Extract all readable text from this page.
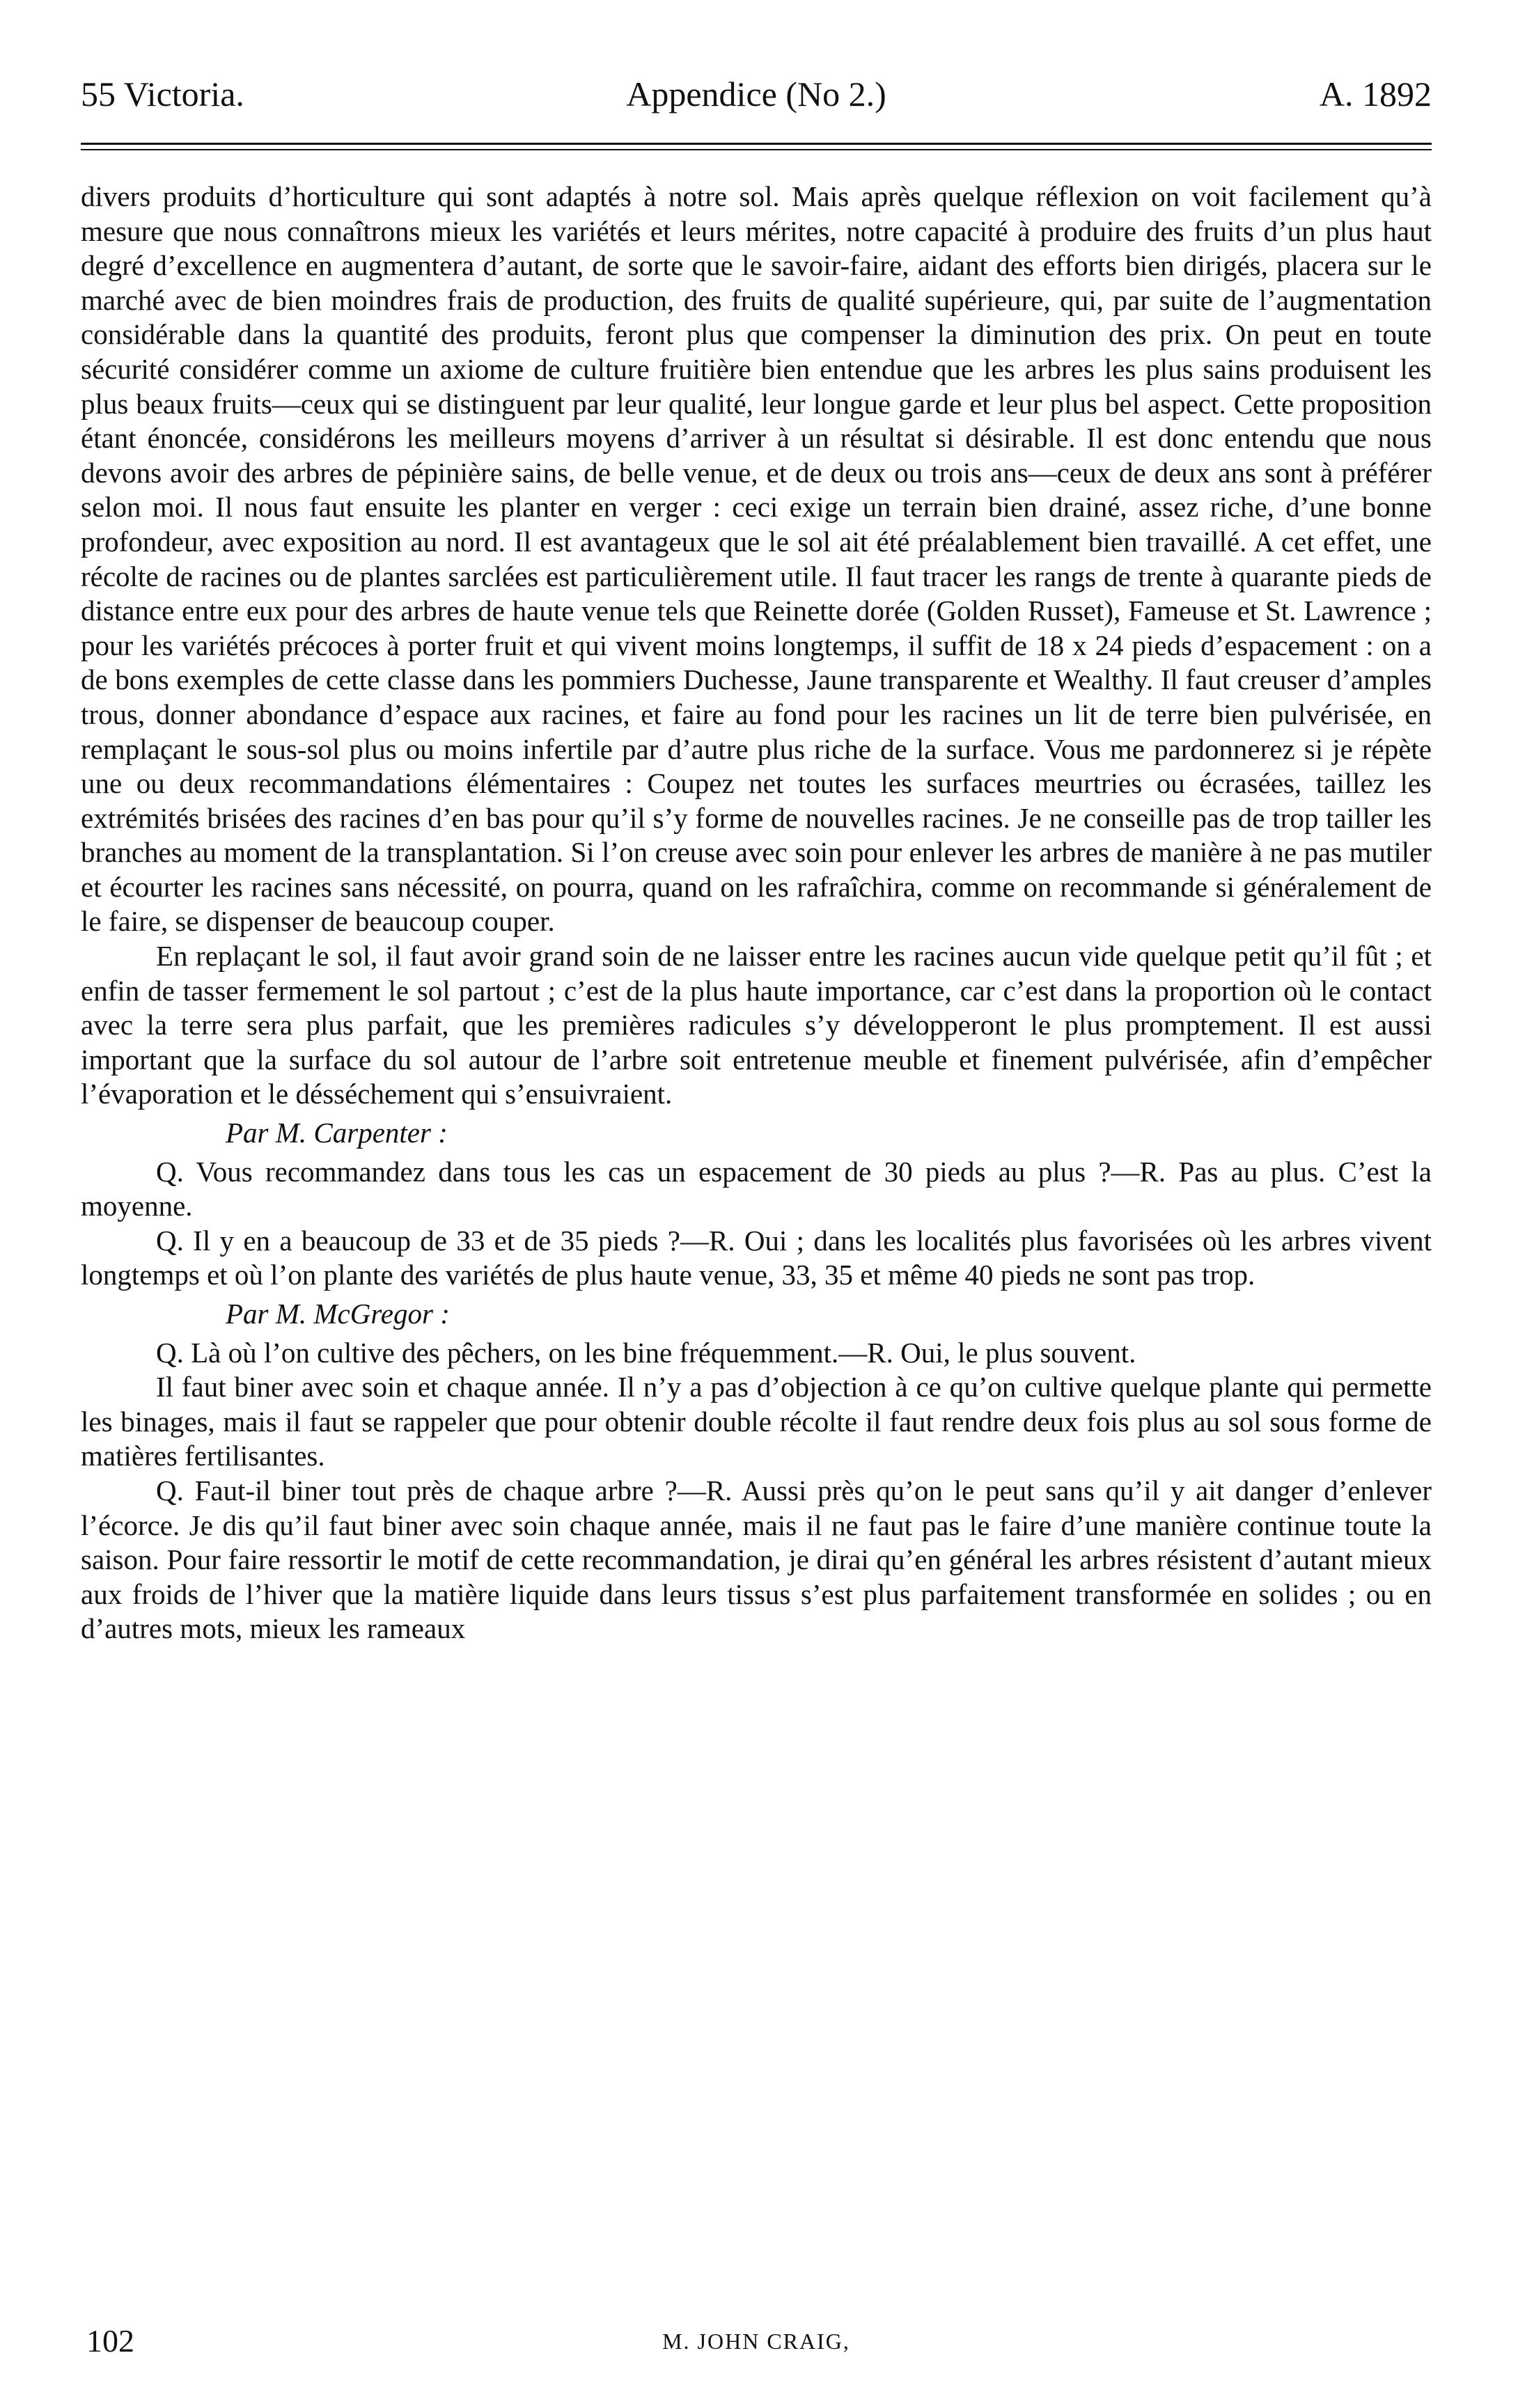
55 Victoria.	Appendice (No 2.)	A. 1892

divers produits d’horticulture qui sont adaptés à notre sol. Mais après quelque réflexion on voit facilement qu’à mesure que nous connaîtrons mieux les variétés et leurs mérites, notre capacité à produire des fruits d’un plus haut degré d’excellence en augmentera d’autant, de sorte que le savoir-faire, aidant des efforts bien dirigés, placera sur le marché avec de bien moindres frais de production, des fruits de qualité supérieure, qui, par suite de l’augmentation considérable dans la quantité des produits, feront plus que compenser la diminution des prix. On peut en toute sécurité considérer comme un axiome de culture fruitière bien entendue que les arbres les plus sains produisent les plus beaux fruits—ceux qui se distinguent par leur qualité, leur longue garde et leur plus bel aspect. Cette proposition étant énoncée, considérons les meilleurs moyens d’arriver à un résultat si désirable. Il est donc entendu que nous devons avoir des arbres de pépinière sains, de belle venue, et de deux ou trois ans—ceux de deux ans sont à préférer selon moi. Il nous faut ensuite les planter en verger : ceci exige un terrain bien drainé, assez riche, d’une bonne profondeur, avec exposition au nord. Il est avantageux que le sol ait été préalablement bien travaillé. A cet effet, une récolte de racines ou de plantes sarclées est particulièrement utile. Il faut tracer les rangs de trente à quarante pieds de distance entre eux pour des arbres de haute venue tels que Reinette dorée (Golden Russet), Fameuse et St. Lawrence ; pour les variétés précoces à porter fruit et qui vivent moins longtemps, il suffit de 18 x 24 pieds d’espacement : on a de bons exemples de cette classe dans les pommiers Duchesse, Jaune transparente et Wealthy. Il faut creuser d’amples trous, donner abondance d’espace aux racines, et faire au fond pour les racines un lit de terre bien pulvérisée, en remplaçant le sous-sol plus ou moins infertile par d’autre plus riche de la surface. Vous me pardonnerez si je répète une ou deux recommandations élémentaires : Coupez net toutes les surfaces meurtries ou écrasées, taillez les extrémités brisées des racines d’en bas pour qu’il s’y forme de nouvelles racines. Je ne conseille pas de trop tailler les branches au moment de la transplantation. Si l’on creuse avec soin pour enlever les arbres de manière à ne pas mutiler et écourter les racines sans nécessité, on pourra, quand on les rafraîchira, comme on recommande si généralement de le faire, se dispenser de beaucoup couper.

En replaçant le sol, il faut avoir grand soin de ne laisser entre les racines aucun vide quelque petit qu’il fût ; et enfin de tasser fermement le sol partout ; c’est de la plus haute importance, car c’est dans la proportion où le contact avec la terre sera plus parfait, que les premières radicules s’y développeront le plus promptement. Il est aussi important que la surface du sol autour de l’arbre soit entretenue meuble et finement pulvérisée, afin d’empêcher l’évaporation et le désséchement qui s’ensuivraient.

Par M. Carpenter :

Q. Vous recommandez dans tous les cas un espacement de 30 pieds au plus ?—R. Pas au plus. C’est la moyenne.

Q. Il y en a beaucoup de 33 et de 35 pieds ?—R. Oui ; dans les localités plus favorisées où les arbres vivent longtemps et où l’on plante des variétés de plus haute venue, 33, 35 et même 40 pieds ne sont pas trop.

Par M. McGregor :

Q. Là où l’on cultive des pêchers, on les bine fréquemment.—R. Oui, le plus souvent.

Il faut biner avec soin et chaque année. Il n’y a pas d’objection à ce qu’on cultive quelque plante qui permette les binages, mais il faut se rappeler que pour obtenir double récolte il faut rendre deux fois plus au sol sous forme de matières fertilisantes.

Q. Faut-il biner tout près de chaque arbre ?—R. Aussi près qu’on le peut sans qu’il y ait danger d’enlever l’écorce. Je dis qu’il faut biner avec soin chaque année, mais il ne faut pas le faire d’une manière continue toute la saison. Pour faire ressortir le motif de cette recommandation, je dirai qu’en général les arbres résistent d’autant mieux aux froids de l’hiver que la matière liquide dans leurs tissus s’est plus parfaitement transformée en solides ; ou en d’autres mots, mieux les rameaux

102	M. JOHN CRAIG,
